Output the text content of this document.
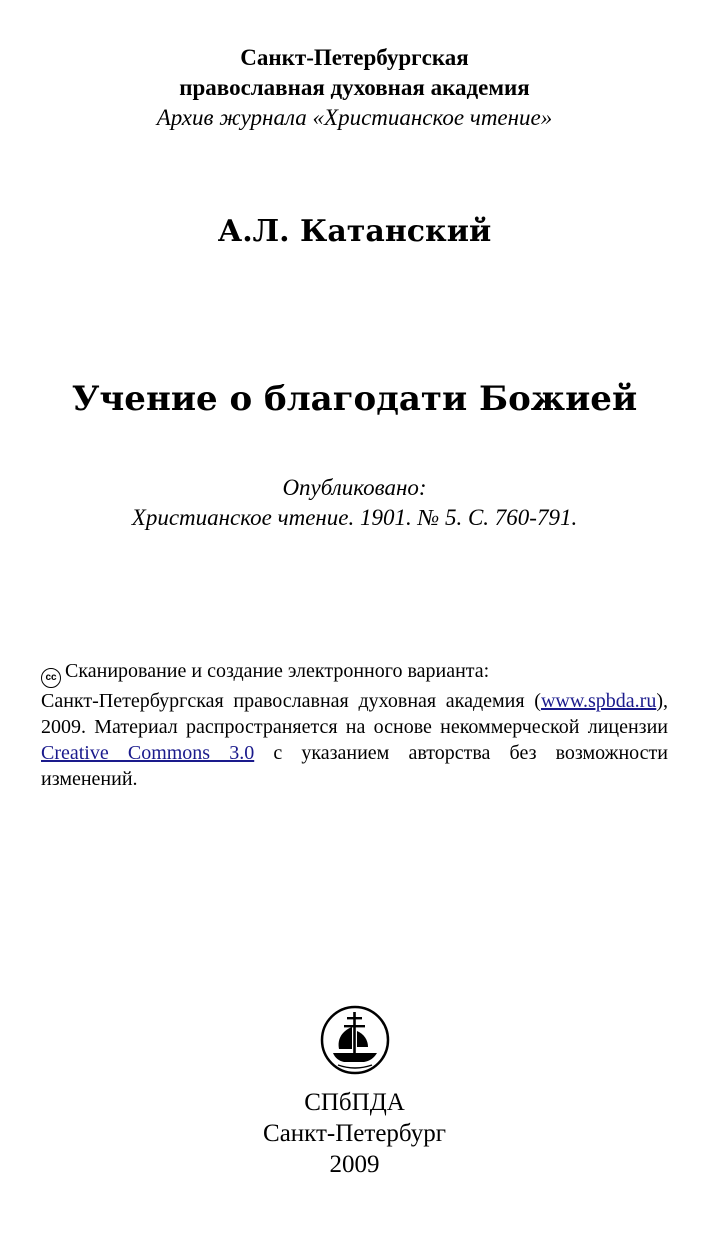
Санкт-Петербургская
православная духовная академия
Архив журнала «Христианское чтение»
А.Л. Катанский
Учение о благодати Божией
Опубликовано:
Христианское чтение. 1901. № 5. С. 760-791.
cc Сканирование и создание электронного варианта:
Санкт-Петербургская православная духовная академия (www.spbda.ru), 2009. Материал распространяется на основе некоммерческой лицензии Creative Commons 3.0 с указанием авторства без возможности изменений.
СПбПДА
Санкт-Петербург
2009
